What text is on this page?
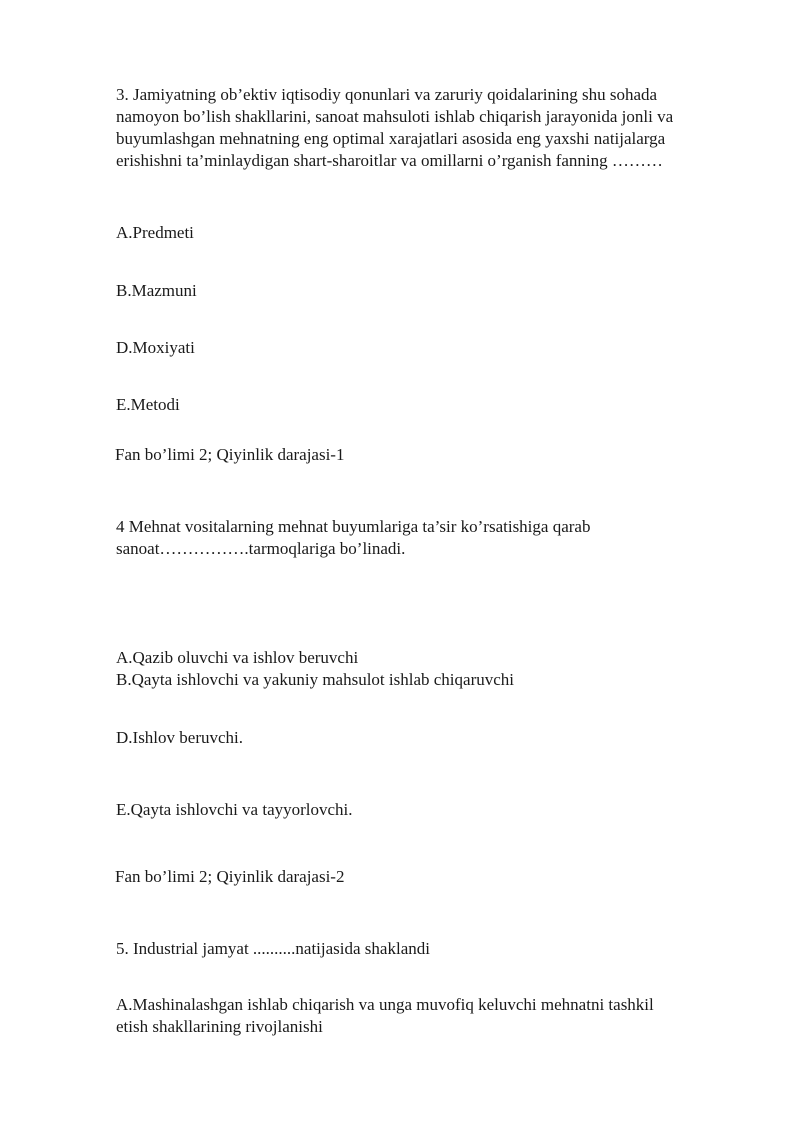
3. Jamiyatning ob’ektiv iqtisodiy qonunlari va zaruriy qoidalarining shu sohada
namoyon bo’lish shakllarini, sanoat mahsuloti ishlab chiqarish jarayonida jonli va
buyumlashgan mehnatning eng optimal xarajatlari asosida eng yaxshi natijalarga
erishishni ta’minlaydigan shart-sharoitlar va omillarni o’rganish fanning ………
A.Predmeti
B.Mazmuni
D.Moxiyati
E.Metodi
Fan bo’limi 2; Qiyinlik darajasi-1
4 Mehnat vositalarning mehnat buyumlariga ta’sir ko’rsatishiga qarab
sanoat…………….tarmoqlariga bo’linadi.
A.Qazib oluvchi va ishlov beruvchi
B.Qayta ishlovchi va yakuniy mahsulot ishlab chiqaruvchi
D.Ishlov beruvchi.
E.Qayta ishlovchi va tayyorlovchi.
Fan bo’limi 2; Qiyinlik darajasi-2
5. Industrial jamyat ..........natijasida shaklandi
A.Mashinalashgan ishlab chiqarish va unga muvofiq keluvchi mehnatni tashkil
etish shakllarining rivojlanishi
